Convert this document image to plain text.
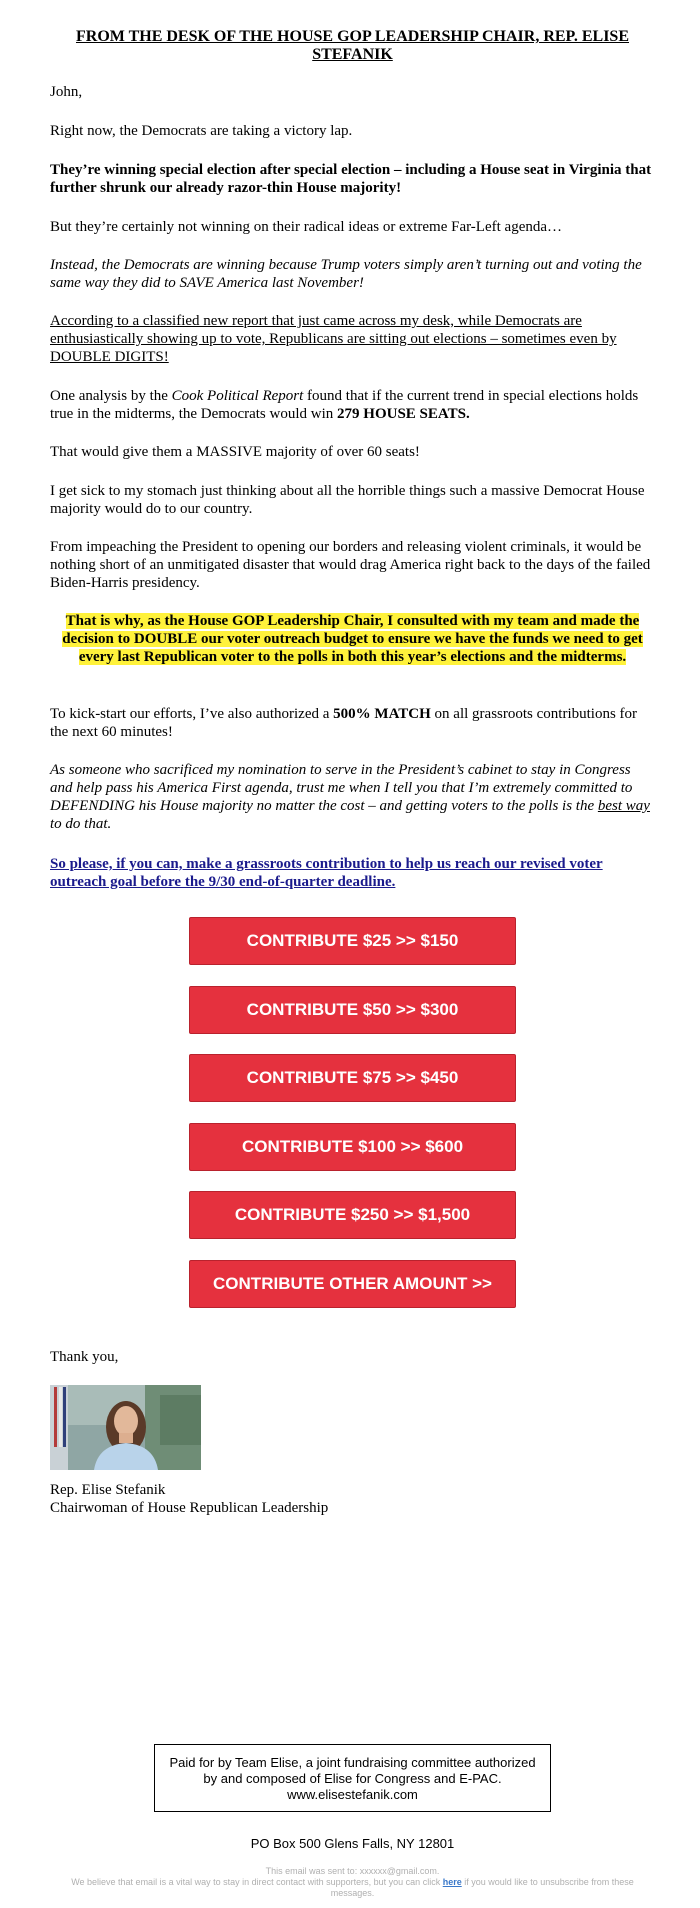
FROM THE DESK OF THE HOUSE GOP LEADERSHIP CHAIR, REP. ELISE STEFANIK

John,

Right now, the Democrats are taking a victory lap.

They’re winning special election after special election – including a House seat in Virginia that further shrunk our already razor-thin House majority!

But they’re certainly not winning on their radical ideas or extreme Far-Left agenda…

Instead, the Democrats are winning because Trump voters simply aren’t turning out and voting the same way they did to SAVE America last November!

According to a classified new report that just came across my desk, while Democrats are enthusiastically showing up to vote, Republicans are sitting out elections – sometimes even by DOUBLE DIGITS!

One analysis by the Cook Political Report found that if the current trend in special elections holds true in the midterms, the Democrats would win 279 HOUSE SEATS.

That would give them a MASSIVE majority of over 60 seats!

I get sick to my stomach just thinking about all the horrible things such a massive Democrat House majority would do to our country.

From impeaching the President to opening our borders and releasing violent criminals, it would be nothing short of an unmitigated disaster that would drag America right back to the days of the failed Biden-Harris presidency.

That is why, as the House GOP Leadership Chair, I consulted with my team and made the decision to DOUBLE our voter outreach budget to ensure we have the funds we need to get every last Republican voter to the polls in both this year’s elections and the midterms.

To kick-start our efforts, I’ve also authorized a 500% MATCH on all grassroots contributions for the next 60 minutes!

As someone who sacrificed my nomination to serve in the President’s cabinet to stay in Congress and help pass his America First agenda, trust me when I tell you that I’m extremely committed to DEFENDING his House majority no matter the cost – and getting voters to the polls is the best way to do that.

So please, if you can, make a grassroots contribution to help us reach our revised voter outreach goal before the 9/30 end-of-quarter deadline.

CONTRIBUTE $25 >> $150
CONTRIBUTE $50 >> $300
CONTRIBUTE $75 >> $450
CONTRIBUTE $100 >> $600
CONTRIBUTE $250 >> $1,500
CONTRIBUTE OTHER AMOUNT >>

Thank you,

Rep. Elise Stefanik

Chairwoman of House Republican Leadership

Paid for by Team Elise, a joint fundraising committee authorized by and composed of Elise for Congress and E-PAC. www.elisestefanik.com
PO Box 500 Glens Falls, NY 12801
This email was sent to: xxxxxx@gmail.com.
We believe that email is a vital way to stay in direct contact with supporters, but you can click here if you would like to unsubscribe from these messages.
